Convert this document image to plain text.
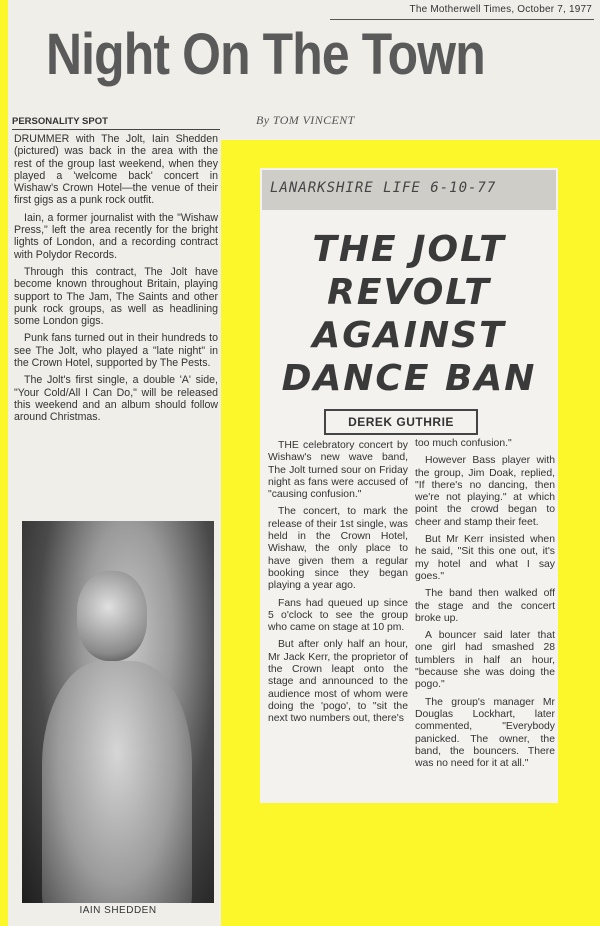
The Motherwell Times, October 7, 1977
Night On The Town
PERSONALITY SPOT	By TOM VINCENT

DRUMMER with The Jolt, Iain Shedden (pictured) was back in the area with the rest of the group last weekend, when they played a 'welcome back' concert in Wishaw's Crown Hotel—the venue of their first gigs as a punk rock outfit.

Iain, a former journalist with the "Wishaw Press," left the area recently for the bright lights of London, and a recording contract with Polydor Records.

Through this contract, The Jolt have become known throughout Britain, playing support to The Jam, The Saints and other punk rock groups, as well as headlining some London gigs.

Punk fans turned out in their hundreds to see The Jolt, who played a "late night" in the Crown Hotel, supported by The Pests.

The Jolt's first single, a double 'A' side, "Your Cold/All I Can Do," will be released this weekend and an album should follow around Christmas.

IAIN SHEDDEN
LANARKSHIRE LIFE 6-10-77
THE JOLT
REVOLT
AGAINST
DANCE BAN
DEREK GUTHRIE

THE celebratory concert by Wishaw's new wave band, The Jolt turned sour on Friday night as fans were accused of "causing confusion."

The concert, to mark the release of their 1st single, was held in the Crown Hotel, Wishaw, the only place to have given them a regular booking since they began playing a year ago.

Fans had queued up since 5 o'clock to see the group who came on stage at 10 pm.

But after only half an hour, Mr Jack Kerr, the proprietor of the Crown leapt onto the stage and announced to the audience most of whom were doing the 'pogo', to "sit the next two numbers out, there's

too much confusion."

However Bass player with the group, Jim Doak, replied, "If there's no dancing, then we're not playing." at which point the crowd began to cheer and stamp their feet.

But Mr Kerr insisted when he said, "Sit this one out, it's my hotel and what I say goes."

The band then walked off the stage and the concert broke up.

A bouncer said later that one girl had smashed 28 tumblers in half an hour, "because she was doing the pogo."

The group's manager Mr Douglas Lockhart, later commented, "Everybody panicked. The owner, the band, the bouncers. There was no need for it at all."
